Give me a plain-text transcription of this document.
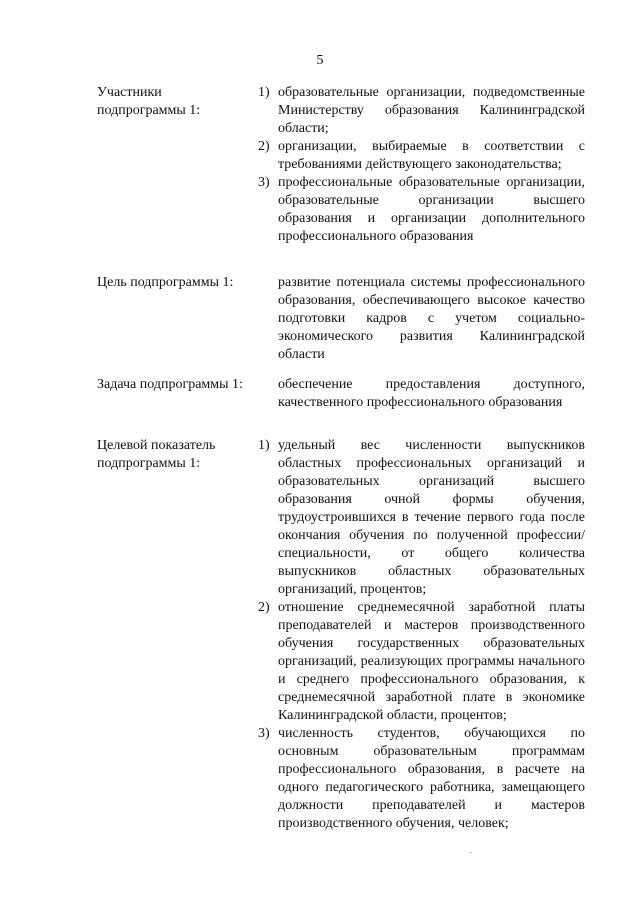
5
Участники
подпрограммы 1:
1) образовательные организации, подведомственные Министерству образования Калининградской области;
2) организации, выбираемые в соответствии с требованиями действующего законодательства;
3) профессиональные образовательные организации, образовательные организации высшего образования и организации дополнительного профессионального образования
Цель подпрограммы 1:	развитие потенциала системы профессионального образования, обеспечивающего высокое качество подготовки кадров с учетом социально-экономического развития Калининградской области
Задача подпрограммы 1:	обеспечение предоставления доступного, качественного профессионального образования
Целевой показатель
подпрограммы 1:
1) удельный вес численности выпускников областных профессиональных организаций и образовательных организаций высшего образования очной формы обучения, трудоустроившихся в течение первого года после окончания обучения по полученной профессии/специальности, от общего количества выпускников областных образовательных организаций, процентов;
2) отношение среднемесячной заработной платы преподавателей и мастеров производственного обучения государственных образовательных организаций, реализующих программы начального и среднего профессионального образования, к среднемесячной заработной плате в экономике Калининградской области, процентов;
3) численность студентов, обучающихся по основным образовательным программам профессионального образования, в расчете на одного педагогического работника, замещающего должности преподавателей и мастеров производственного обучения, человек;
